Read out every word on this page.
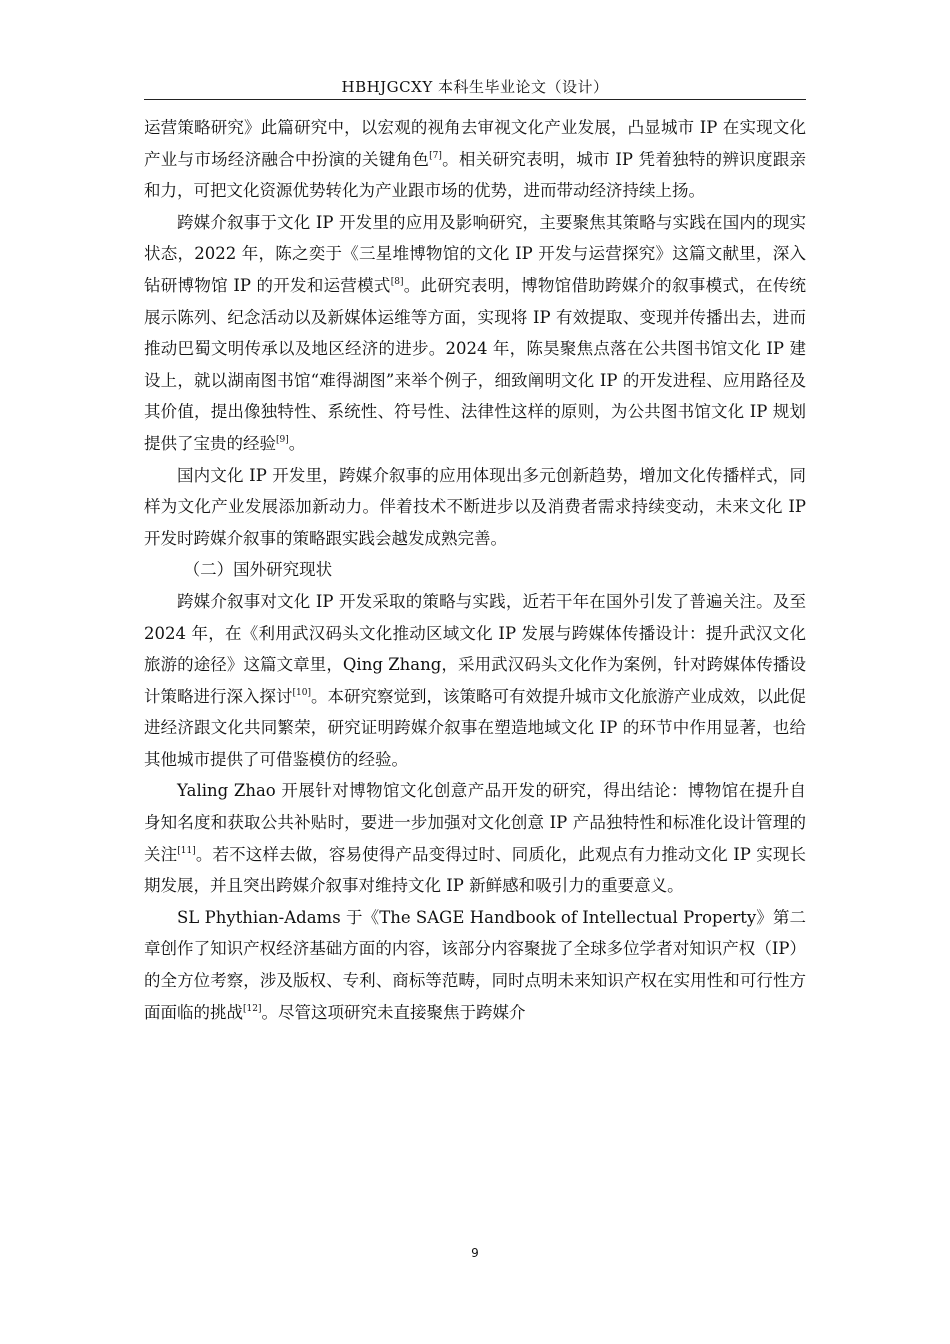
HBHJGCXY 本科生毕业论文（设计）

运营策略研究》此篇研究中，以宏观的视角去审视文化产业发展，凸显城市 IP 在实现文化产业与市场经济融合中扮演的关键角色[7]。相关研究表明，城市 IP 凭着独特的辨识度跟亲和力，可把文化资源优势转化为产业跟市场的优势，进而带动经济持续上扬。

跨媒介叙事于文化 IP 开发里的应用及影响研究，主要聚焦其策略与实践在国内的现实状态，2022 年，陈之奕于《三星堆博物馆的文化 IP 开发与运营探究》这篇文献里，深入钻研博物馆 IP 的开发和运营模式[8]。此研究表明，博物馆借助跨媒介的叙事模式，在传统展示陈列、纪念活动以及新媒体运维等方面，实现将 IP 有效提取、变现并传播出去，进而推动巴蜀文明传承以及地区经济的进步。2024 年，陈昊聚焦点落在公共图书馆文化 IP 建设上，就以湖南图书馆“难得湖图”来举个例子，细致阐明文化 IP 的开发进程、应用路径及其价值，提出像独特性、系统性、符号性、法律性这样的原则，为公共图书馆文化 IP 规划提供了宝贵的经验[9]。

国内文化 IP 开发里，跨媒介叙事的应用体现出多元创新趋势，增加文化传播样式，同样为文化产业发展添加新动力。伴着技术不断进步以及消费者需求持续变动，未来文化 IP 开发时跨媒介叙事的策略跟实践会越发成熟完善。

（二）国外研究现状

跨媒介叙事对文化 IP 开发采取的策略与实践，近若干年在国外引发了普遍关注。及至 2024 年，在《利用武汉码头文化推动区域文化 IP 发展与跨媒体传播设计：提升武汉文化旅游的途径》这篇文章里，Qing Zhang，采用武汉码头文化作为案例，针对跨媒体传播设计策略进行深入探讨[10]。本研究察觉到，该策略可有效提升城市文化旅游产业成效，以此促进经济跟文化共同繁荣，研究证明跨媒介叙事在塑造地域文化 IP 的环节中作用显著，也给其他城市提供了可借鉴模仿的经验。

Yaling Zhao 开展针对博物馆文化创意产品开发的研究，得出结论：博物馆在提升自身知名度和获取公共补贴时，要进一步加强对文化创意 IP 产品独特性和标准化设计管理的关注[11]。若不这样去做，容易使得产品变得过时、同质化，此观点有力推动文化 IP 实现长期发展，并且突出跨媒介叙事对维持文化 IP 新鲜感和吸引力的重要意义。

SL Phythian-Adams 于《The SAGE Handbook of Intellectual Property》第二章创作了知识产权经济基础方面的内容，该部分内容聚拢了全球多位学者对知识产权（IP）的全方位考察，涉及版权、专利、商标等范畴，同时点明未来知识产权在实用性和可行性方面面临的挑战[12]。尽管这项研究未直接聚焦于跨媒介

9
